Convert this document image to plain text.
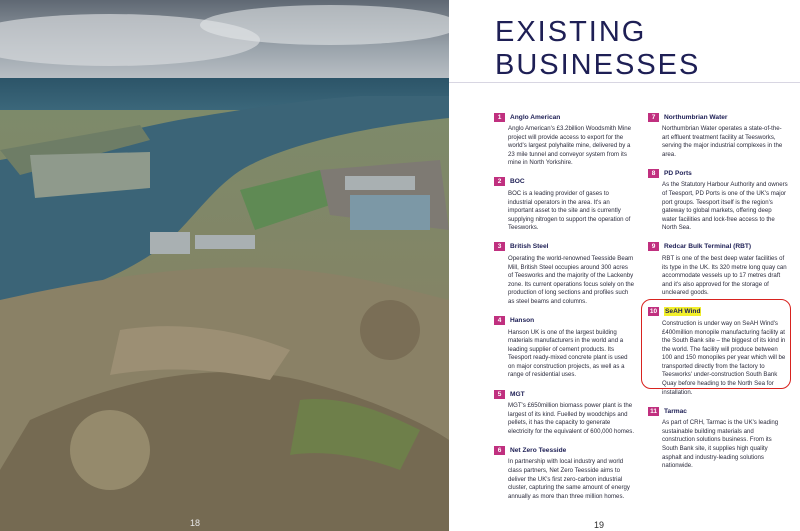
18
EXISTING
BUSINESSES
1	Anglo American

Anglo American's £3.2billion Woodsmith Mine project will provide access to export for the world's largest polyhalite mine, delivered by a 23 mile tunnel and conveyor system from its mine in North Yorkshire.

2	BOC

BOC is a leading provider of gases to industrial operators in the area. It's an important asset to the site and is currently supplying nitrogen to support the operation of Teesworks.

3	British Steel

Operating the world-renowned Teesside Beam Mill, British Steel occupies around 300 acres of Teesworks and the majority of the Lackenby zone. Its current operations focus solely on the production of long sections and profiles such as steel beams and columns.

4	Hanson

Hanson UK is one of the largest building materials manufacturers in the world and a leading supplier of cement products. Its Teesport ready-mixed concrete plant is used on major construction projects, as well as a range of residential uses.

5	MGT

MGT's £650million biomass power plant is the largest of its kind. Fuelled by woodchips and pellets, it has the capacity to generate electricity for the equivalent of 600,000 homes.

6	Net Zero Teesside

In partnership with local industry and world class partners, Net Zero Teesside aims to deliver the UK's first zero-carbon industrial cluster, capturing the same amount of energy annually as more than three million homes.

7	Northumbrian Water

Northumbrian Water operates a state-of-the-art effluent treatment facility at Teesworks, serving the major industrial complexes in the area.

8	PD Ports

As the Statutory Harbour Authority and owners of Teesport, PD Ports is one of the UK's major port groups. Teesport itself is the region's gateway to global markets, offering deep water facilities and lock-free access to the North Sea.

9	Redcar Bulk Terminal (RBT)

RBT is one of the best deep water facilities of its type in the UK. Its 320 metre long quay can accommodate vessels up to 17 metres draft and it's also approved for the storage of uncleared goods.

10 SeAH Wind

Construction is under way on SeAH Wind's £400million monopile manufacturing facility at the South Bank site – the biggest of its kind in the world. The facility will produce between 100 and 150 monopiles per year which will be transported directly from the factory to Teesworks' under-construction South Bank Quay before heading to the North Sea for installation.

11	Tarmac

As part of CRH, Tarmac is the UK's leading sustainable building materials and construction solutions business. From its South Bank site, it supplies high quality asphalt and industry-leading solutions nationwide.

19
